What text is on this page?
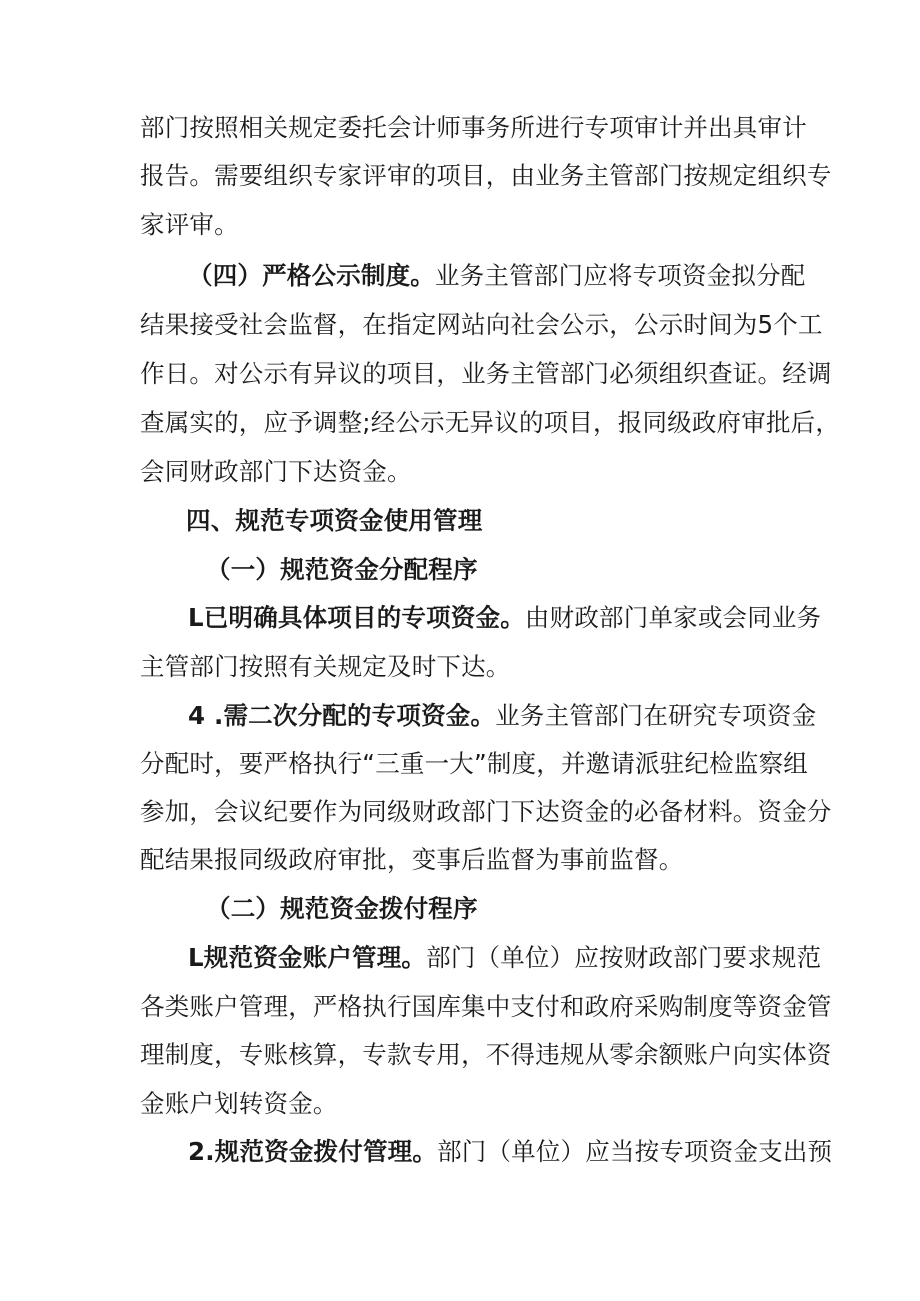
部门按照相关规定委托会计师事务所进行专项审计并出具审计
报告。需要组织专家评审的项目，由业务主管部门按规定组织专
家评审。
（四）严格公示制度。业务主管部门应将专项资金拟分配
结果接受社会监督，在指定网站向社会公示，公示时间为5个工
作日。对公示有异议的项目，业务主管部门必须组织查证。经调
查属实的，应予调整;经公示无异议的项目，报同级政府审批后，
会同财政部门下达资金。
四、规范专项资金使用管理
（一）规范资金分配程序
L已明确具体项目的专项资金。由财政部门单家或会同业务
主管部门按照有关规定及时下达。
4 .需二次分配的专项资金。业务主管部门在研究专项资金
分配时，要严格执行“三重一大”制度，并邀请派驻纪检监察组
参加，会议纪要作为同级财政部门下达资金的必备材料。资金分
配结果报同级政府审批，变事后监督为事前监督。
（二）规范资金拨付程序
L规范资金账户管理。部门（单位）应按财政部门要求规范
各类账户管理，严格执行国库集中支付和政府采购制度等资金管
理制度，专账核算，专款专用，不得违规从零余额账户向实体资
金账户划转资金。
2.规范资金拨付管理。部门（单位）应当按专项资金支出预
